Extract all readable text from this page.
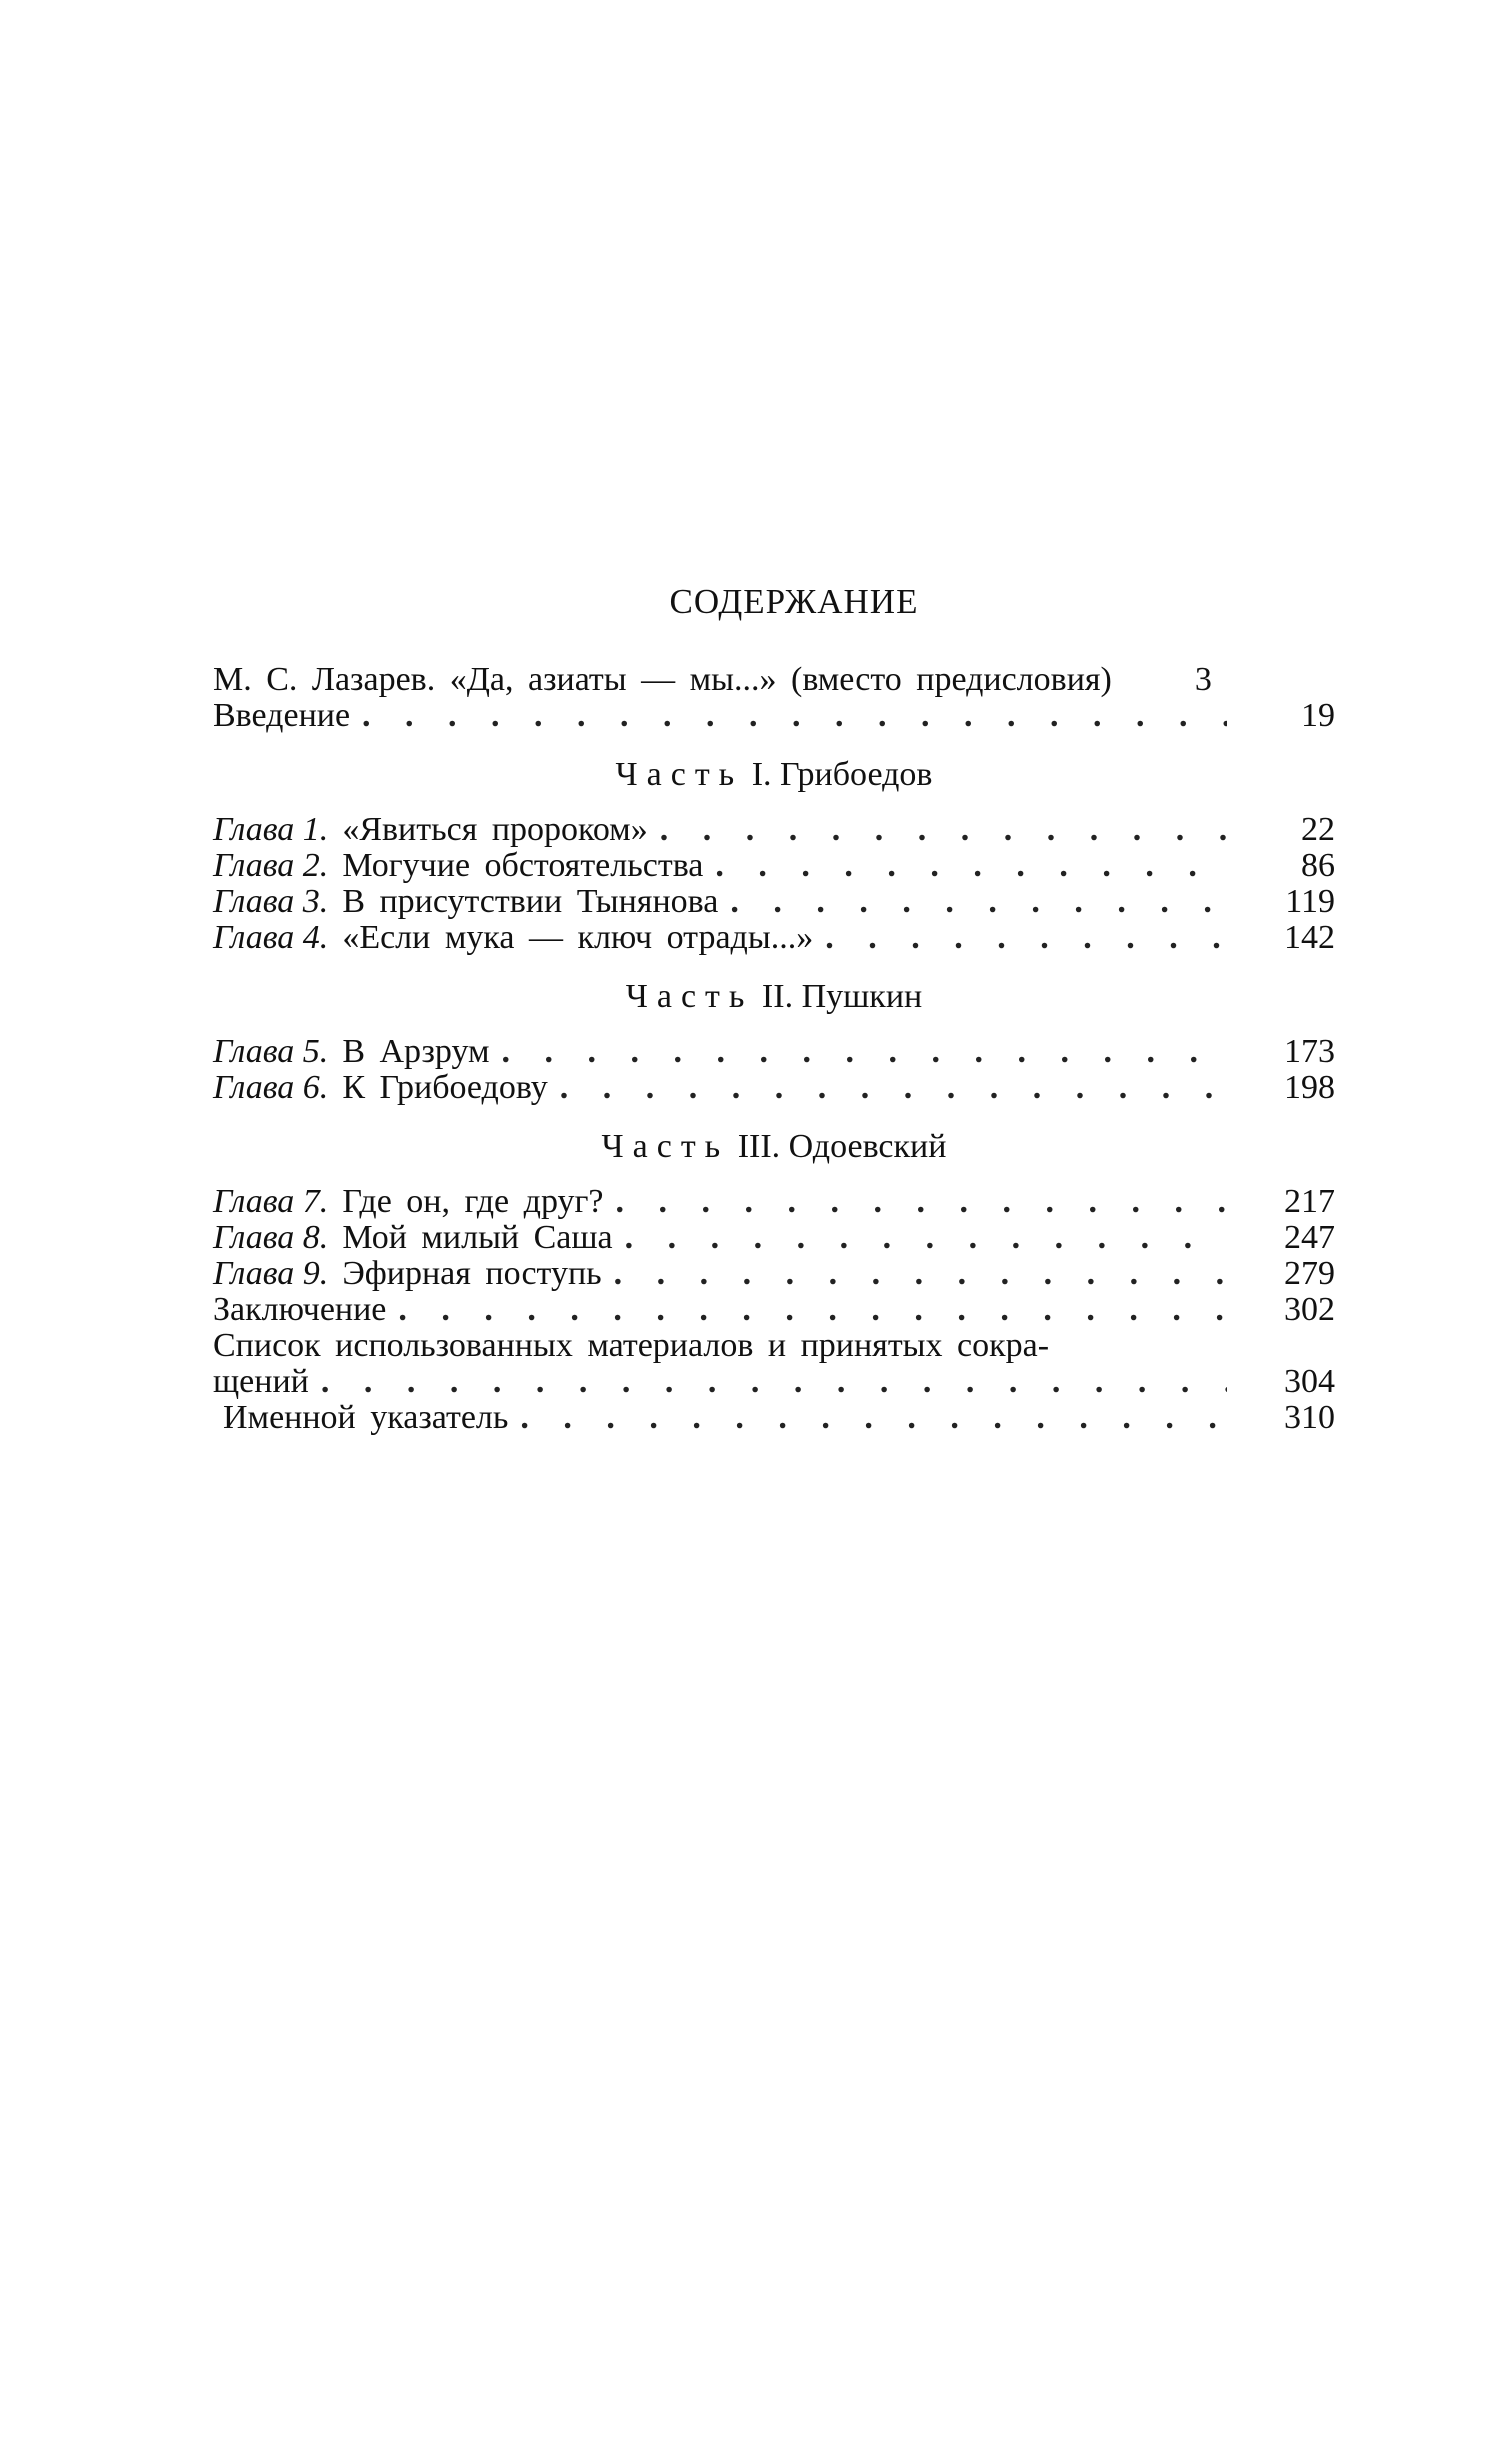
СОДЕРЖАНИЕ
М. С. Лазарев. «Да, азиаты — мы...» (вместо предисловия)	3
Введение . . .	19
Часть I. Грибоедов
Глава 1. «Явиться пророком» . . .	22
Глава 2. Могучие обстоятельства . . .	86
Глава 3. В присутствии Тынянова . . .	119
Глава 4. «Если мука — ключ отрады...» . . .	142
Часть II. Пушкин
Глава 5. В Арзрум . . .	173
Глава 6. К Грибоедову . . .	198
Часть III. Одоевский
Глава 7. Где он, где друг? . . .	217
Глава 8. Мой милый Саша . . .	247
Глава 9. Эфирная поступь . . .	279
Заключение . . .	302
Список использованных материалов и принятых сокра-
щений . . .	304
Именной указатель . . .	310
